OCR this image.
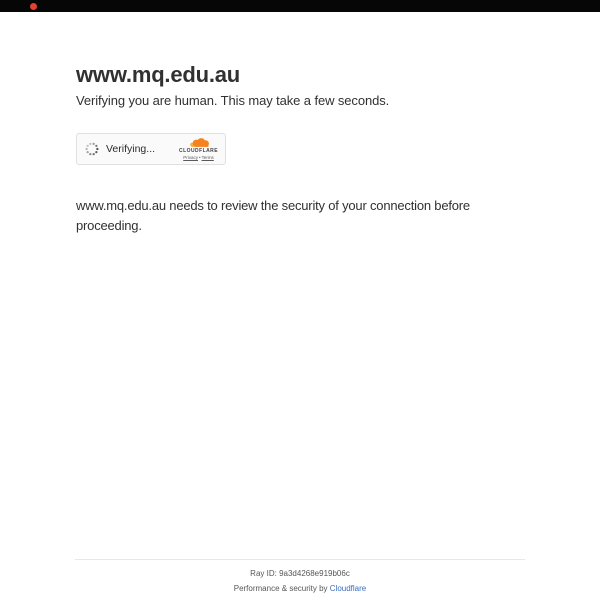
www.mq.edu.au
Verifying you are human. This may take a few seconds.
Verifying...	CLOUDFLARE
Privacy•Terms
www.mq.edu.au needs to review the security of your connection before
proceeding.
Ray ID: 9a3d4268e919b06c
Performance & security by Cloudflare
